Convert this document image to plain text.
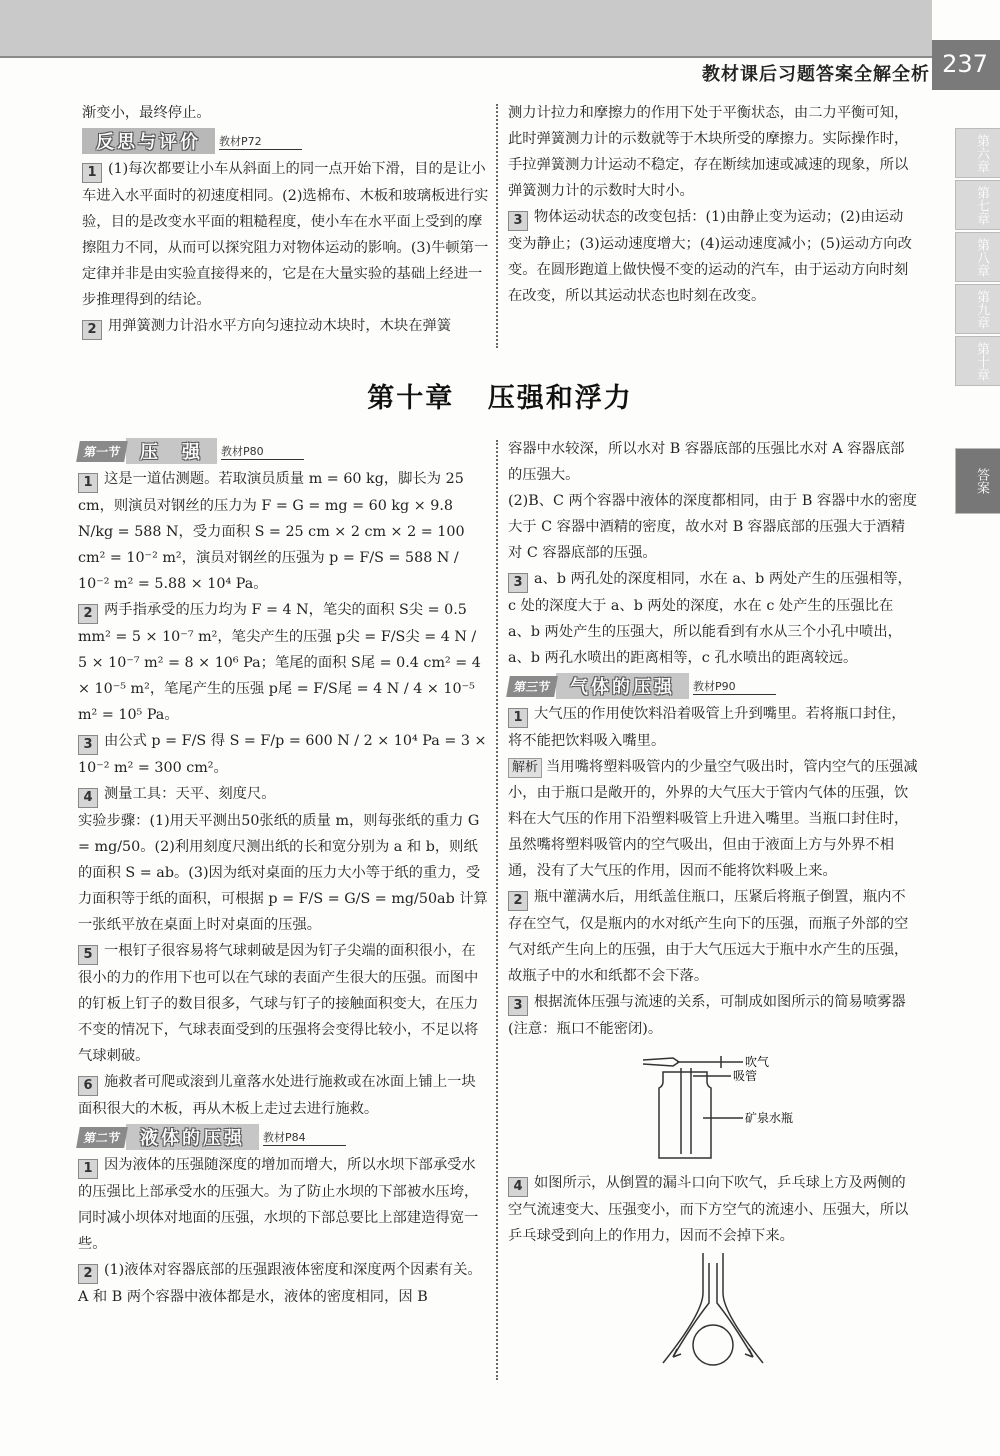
教材课后习题答案全解全析 237
第六章
第七章
第八章
第九章
第十章
答案

渐变小，最终停止。

反思与评价	教材P72

1 (1)每次都要让小车从斜面上的同一点开始下滑，目的是让小车进入水平面时的初速度相同。(2)选棉布、木板和玻璃板进行实验，目的是改变水平面的粗糙程度，使小车在水平面上受到的摩擦阻力不同，从而可以探究阻力对物体运动的影响。(3)牛顿第一定律并非是由实验直接得来的，它是在大量实验的基础上经进一步推理得到的结论。

2 用弹簧测力计沿水平方向匀速拉动木块时，木块在弹簧

测力计拉力和摩擦力的作用下处于平衡状态，由二力平衡可知，此时弹簧测力计的示数就等于木块所受的摩擦力。实际操作时，手拉弹簧测力计运动不稳定，存在断续加速或减速的现象，所以弹簧测力计的示数时大时小。

3 物体运动状态的改变包括：(1)由静止变为运动；(2)由运动变为静止；(3)运动速度增大；(4)运动速度减小；(5)运动方向改变。在圆形跑道上做快慢不变的运动的汽车，由于运动方向时刻在改变，所以其运动状态也时刻在改变。

第十章 压强和浮力
第一节	压　强	教材P80

1 这是一道估测题。若取演员质量 m = 60 kg，脚长为 25 cm，则演员对钢丝的压力为 F = G = mg = 60 kg × 9.8 N/kg = 588 N，受力面积 S = 25 cm × 2 cm × 2 = 100 cm² = 10⁻² m²，演员对钢丝的压强为 p = F/S = 588 N / 10⁻² m² = 5.88 × 10⁴ Pa。

2 两手指承受的压力均为 F = 4 N，笔尖的面积 S尖 = 0.5 mm² = 5 × 10⁻⁷ m²，笔尖产生的压强 p尖 = F/S尖 = 4 N / 5 × 10⁻⁷ m² = 8 × 10⁶ Pa；笔尾的面积 S尾 = 0.4 cm² = 4 × 10⁻⁵ m²，笔尾产生的压强 p尾 = F/S尾 = 4 N / 4 × 10⁻⁵ m² = 10⁵ Pa。

3 由公式 p = F/S 得 S = F/p = 600 N / 2 × 10⁴ Pa = 3 × 10⁻² m² = 300 cm²。

4 测量工具：天平、刻度尺。

实验步骤：(1)用天平测出50张纸的质量 m，则每张纸的重力 G = mg/50。(2)利用刻度尺测出纸的长和宽分别为 a 和 b，则纸的面积 S = ab。(3)因为纸对桌面的压力大小等于纸的重力，受力面积等于纸的面积，可根据 p = F/S = G/S = mg/50ab 计算一张纸平放在桌面上时对桌面的压强。

5 一根钉子很容易将气球刺破是因为钉子尖端的面积很小，在很小的力的作用下也可以在气球的表面产生很大的压强。而图中的钉板上钉子的数目很多，气球与钉子的接触面积变大，在压力不变的情况下，气球表面受到的压强将会变得比较小，不足以将气球刺破。

6 施救者可爬或滚到儿童落水处进行施救或在冰面上铺上一块面积很大的木板，再从木板上走过去进行施救。

第二节	液体的压强	教材P84

1 因为液体的压强随深度的增加而增大，所以水坝下部承受水的压强比上部承受水的压强大。为了防止水坝的下部被水压垮，同时减小坝体对地面的压强，水坝的下部总要比上部建造得宽一些。

2 (1)液体对容器底部的压强跟液体密度和深度两个因素有关。A 和 B 两个容器中液体都是水，液体的密度相同，因 B

容器中水较深，所以水对 B 容器底部的压强比水对 A 容器底部的压强大。

(2)B、C 两个容器中液体的深度都相同，由于 B 容器中水的密度大于 C 容器中酒精的密度，故水对 B 容器底部的压强大于酒精对 C 容器底部的压强。

3 a、b 两孔处的深度相同，水在 a、b 两处产生的压强相等，c 处的深度大于 a、b 两处的深度，水在 c 处产生的压强比在 a、b 两处产生的压强大，所以能看到有水从三个小孔中喷出，a、b 两孔水喷出的距离相等，c 孔水喷出的距离较远。

第三节	气体的压强	教材P90

1 大气压的作用使饮料沿着吸管上升到嘴里。若将瓶口封住，将不能把饮料吸入嘴里。

解析 当用嘴将塑料吸管内的少量空气吸出时，管内空气的压强减小，由于瓶口是敞开的，外界的大气压大于管内气体的压强，饮料在大气压的作用下沿塑料吸管上升进入嘴里。当瓶口封住时，虽然嘴将塑料吸管内的空气吸出，但由于液面上方与外界不相通，没有了大气压的作用，因而不能将饮料吸上来。

2 瓶中灌满水后，用纸盖住瓶口，压紧后将瓶子倒置，瓶内不存在空气，仅是瓶内的水对纸产生向下的压强，而瓶子外部的空气对纸产生向上的压强，由于大气压远大于瓶中水产生的压强，故瓶子中的水和纸都不会下落。

3 根据流体压强与流速的关系，可制成如图所示的简易喷雾器(注意：瓶口不能密闭)。

吹气
吸管
矿泉水瓶

4 如图所示，从倒置的漏斗口向下吹气，乒乓球上方及两侧的空气流速变大、压强变小，而下方空气的流速小、压强大，所以乒乓球受到向上的作用力，因而不会掉下来。
